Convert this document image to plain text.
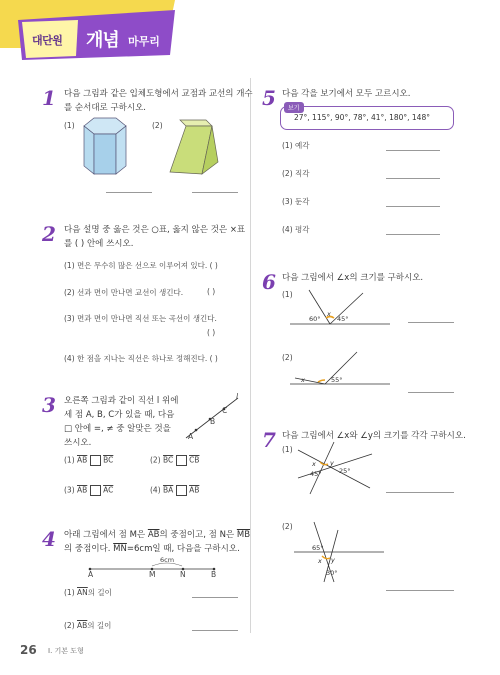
대단원 개념 마무리
1 다음 그림과 같은 입체도형에서 교점과 교선의 개수
를 순서대로 구하시오.
(1)	(2)
2 다음 설명 중 옳은 것은 ○표, 옳지 않은 것은 ×표
를 ( ) 안에 쓰시오.
(1) 면은 무수히 많은 선으로 이루어져 있다. ( )
(2) 선과 면이 만나면 교선이 생긴다.	( )
(3) 면과 면이 만나면 직선 또는 곡선이 생긴다.
( )
(4) 한 점을 지나는 직선은 하나로 정해진다. ( )
3 오른쪽 그림과 같이 직선 l 위에
세 점 A, B, C가 있을 때, 다음
□ 안에 =, ≠ 중 알맞은 것을
쓰시오.
l
A
B
C
(1) $\overline{AB}$ $\overline{BC}$	(2) $\overline{BC}$ $\overline{CB}$
(3) $\overline{AB}$ $\overline{AC}$	(4) $\overline{BA}$ $\overline{AB}$
4 아래 그림에서 점 M은 $\overline{AB}$의 중점이고, 점 N은 $\overline{MB}$
의 중점이다. $\overline{MN}=6cm$일 때, 다음을 구하시오.
6cm
A	M	N	B
(1) $\overline{AN}$의 길이
(2) $\overline{AB}$의 길이
5 다음 각을 보기에서 모두 고르시오.
보기
27°, 115°, 90°, 78°, 41°, 180°, 148°
(1) 예각
(2) 직각
(3) 둔각
(4) 평각
6 다음 그림에서 ∠x의 크기를 구하시오.
(1)
60°
x
45°
(2)
x	55°
7 다음 그림에서 ∠x와 ∠y의 크기를 각각 구하시오.
(1)
x y
25°
45°
(2)
65°
x y
30°
26 I. 기본 도형
